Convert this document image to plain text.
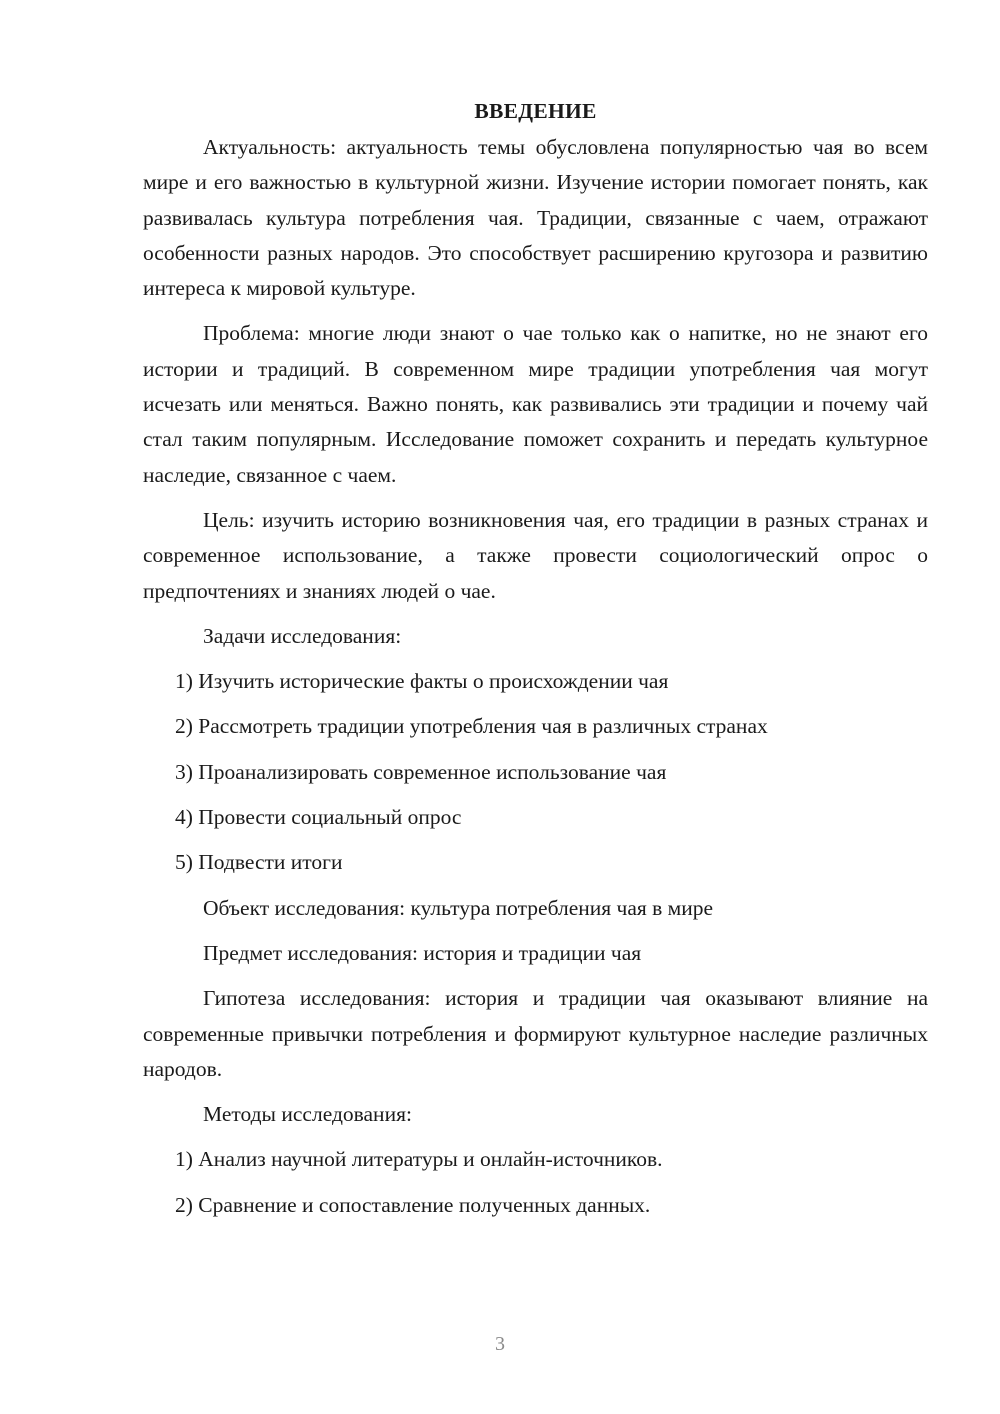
ВВЕДЕНИЕ

Актуальность: актуальность темы обусловлена популярностью чая во всем мире и его важностью в культурной жизни. Изучение истории помогает понять, как развивалась культура потребления чая. Традиции, связанные с чаем, отражают особенности разных народов. Это способствует расширению кругозора и развитию интереса к мировой культуре.

Проблема: многие люди знают о чае только как о напитке, но не знают его истории и традиций. В современном мире традиции употребления чая могут исчезать или меняться. Важно понять, как развивались эти традиции и почему чай стал таким популярным. Исследование поможет сохранить и передать культурное наследие, связанное с чаем.

Цель: изучить историю возникновения чая, его традиции в разных странах и современное использование, а также провести социологический опрос о предпочтениях и знаниях людей о чае.

Задачи исследования:

1) Изучить исторические факты о происхождении чая

2) Рассмотреть традиции употребления чая в различных странах

3) Проанализировать современное использование чая

4) Провести социальный опрос

5) Подвести итоги

Объект исследования: культура потребления чая в мире

Предмет исследования: история и традиции чая

Гипотеза исследования: история и традиции чая оказывают влияние на современные привычки потребления и формируют культурное наследие различных народов.

Методы исследования:

1) Анализ научной литературы и онлайн-источников.

2) Сравнение и сопоставление полученных данных.

3
